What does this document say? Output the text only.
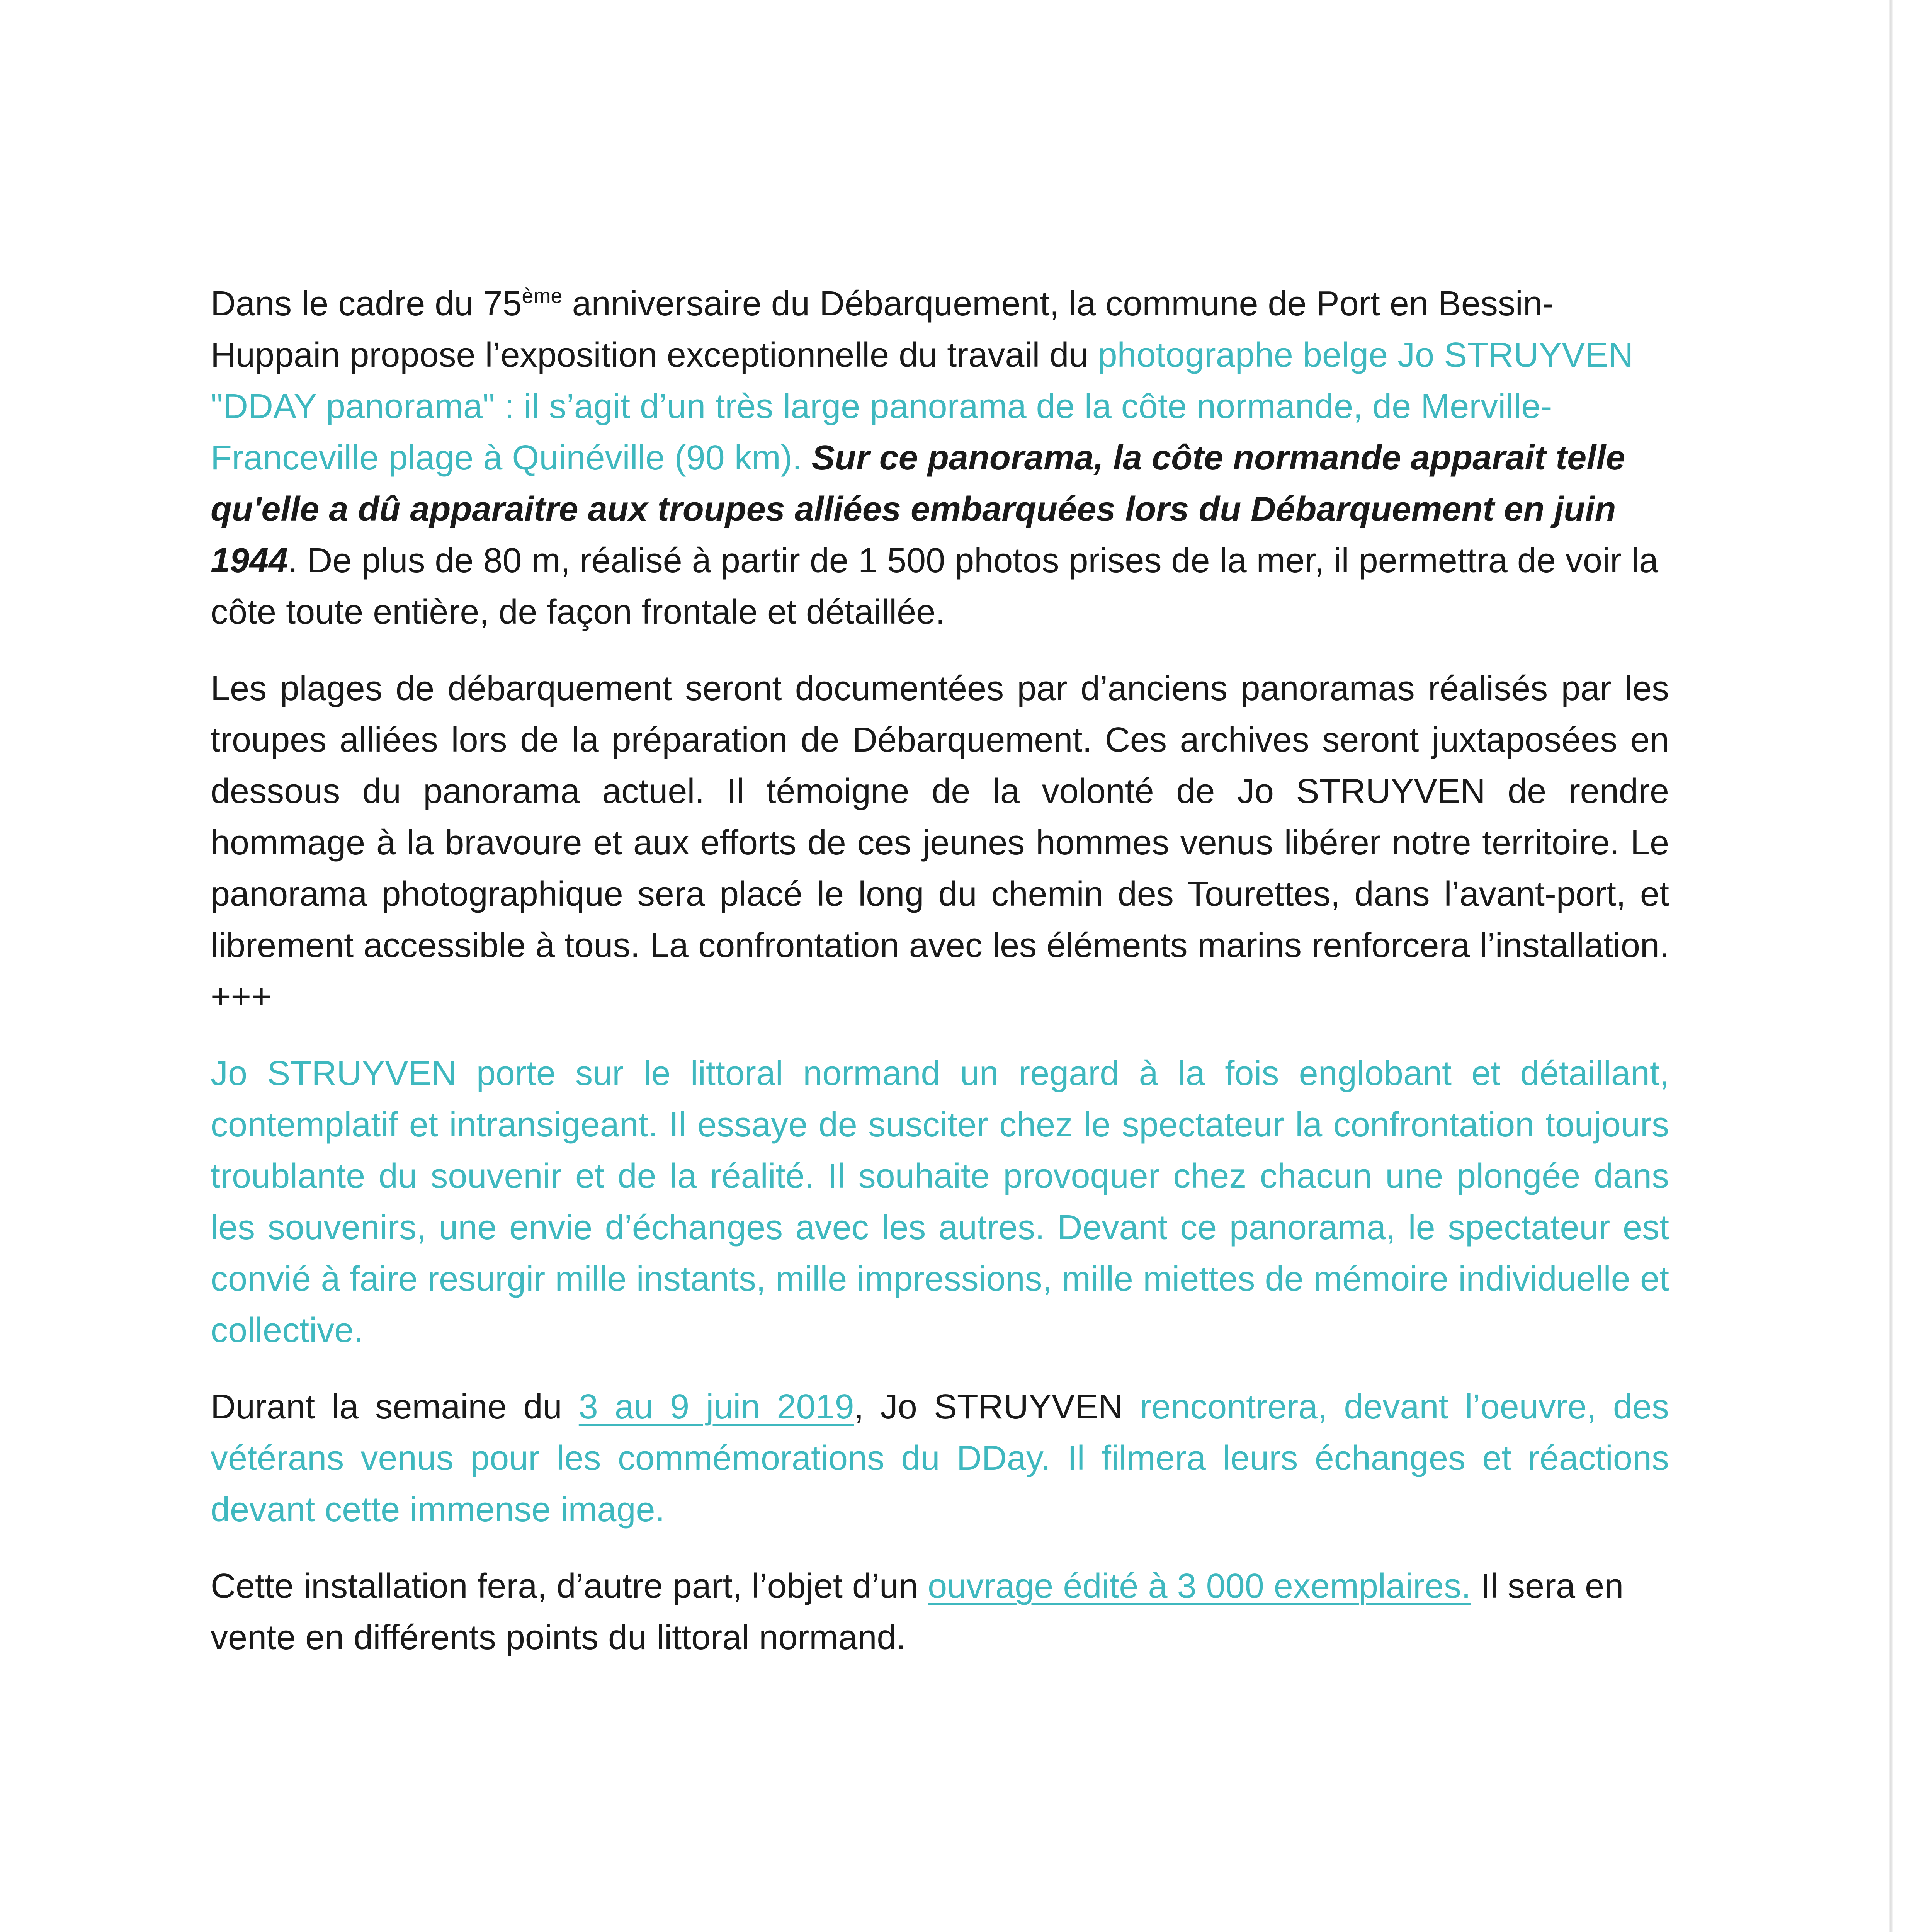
Dans le cadre du 75ème anniversaire du Débarquement, la commune de Port en Bessin-Huppain propose l’exposition exceptionnelle du travail du photographe belge Jo STRUYVEN "DDAY panorama" : il s’agit d’un très large panorama de la côte normande, de Merville-Franceville plage à Quinéville (90 km). Sur ce panorama, la côte normande apparait telle qu'elle a dû apparaitre aux troupes alliées embarquées lors du Débarquement en juin 1944. De plus de 80 m, réalisé à partir de 1 500 photos prises de la mer, il permettra de voir la côte toute entière, de façon frontale et détaillée.

Les plages de débarquement seront documentées par d’anciens panoramas réalisés par les troupes alliées lors de la préparation de Débarquement. Ces archives seront juxtaposées en dessous du panorama actuel. Il témoigne de la volonté de Jo STRUYVEN de rendre hommage à la bravoure et aux efforts de ces jeunes hommes venus libérer notre territoire. Le panorama photographique sera placé le long du chemin des Tourettes, dans l’avant-port, et librement accessible à tous. La confrontation avec les éléments marins renforcera l’installation. +++

Jo STRUYVEN porte sur le littoral normand un regard à la fois englobant et détaillant, contemplatif et intransigeant. Il essaye de susciter chez le spectateur la confrontation toujours troublante du souvenir et de la réalité. Il souhaite provoquer chez chacun une plongée dans les souvenirs, une envie d’échanges avec les autres. Devant ce panorama, le spectateur est convié à faire resurgir mille instants, mille impressions, mille miettes de mémoire individuelle et collective.

Durant la semaine du 3 au 9 juin 2019, Jo STRUYVEN rencontrera, devant l’oeuvre, des vétérans venus pour les commémorations du DDay. Il filmera leurs échanges et réactions devant cette immense image.

Cette installation fera, d’autre part, l’objet d’un ouvrage édité à 3 000 exemplaires. Il sera en vente en différents points du littoral normand.
